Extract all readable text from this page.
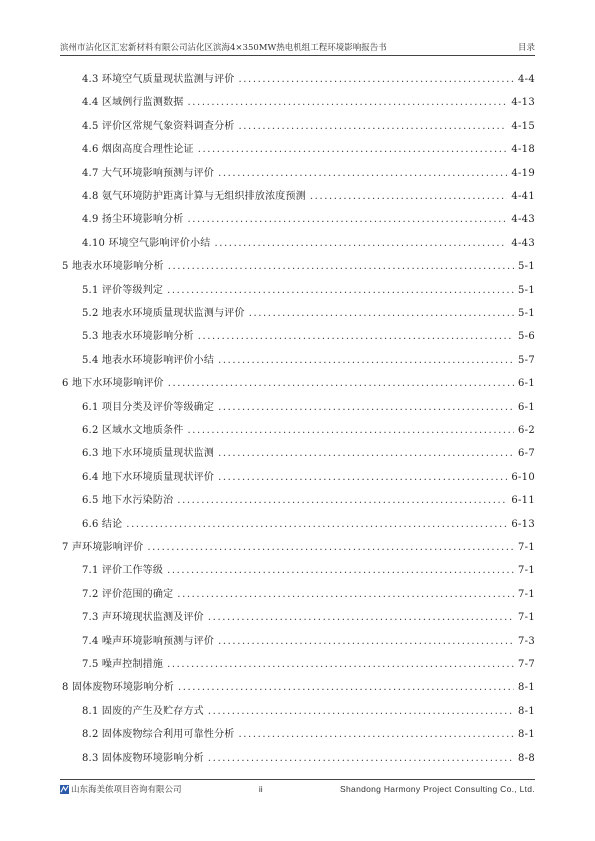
滨州市沾化区汇宏新材料有限公司沾化区滨海4×350MW热电机组工程环境影响报告书	目录
4.3 环境空气质量现状监测与评价 .....	4-4
4.4 区域例行监测数据 .....	4-13
4.5 评价区常规气象资料调查分析 .....	4-15
4.6 烟囱高度合理性论证 .....	4-18
4.7 大气环境影响预测与评价 .....	4-19
4.8 氨气环境防护距离计算与无组织排放浓度预测 .....	4-41
4.9 扬尘环境影响分析 .....	4-43
4.10 环境空气影响评价小结 .....	4-43
5 地表水环境影响分析 .....	5-1
5.1 评价等级判定 .....	5-1
5.2 地表水环境质量现状监测与评价 .....	5-1
5.3 地表水环境影响分析 .....	5-6
5.4 地表水环境影响评价小结 .....	5-7
6 地下水环境影响评价 .....	6-1
6.1 项目分类及评价等级确定 .....	6-1
6.2 区域水文地质条件 .....	6-2
6.3 地下水环境质量现状监测 .....	6-7
6.4 地下水环境质量现状评价 .....	6-10
6.5 地下水污染防治 .....	6-11
6.6 结论 .....	6-13
7 声环境影响评价 .....	7-1
7.1 评价工作等级 .....	7-1
7.2 评价范围的确定 .....	7-1
7.3 声环境现状监测及评价 .....	7-1
7.4 噪声环境影响预测与评价 .....	7-3
7.5 噪声控制措施 .....	7-7
8 固体废物环境影响分析 .....	8-1
8.1 固废的产生及贮存方式 .....	8-1
8.2 固体废物综合利用可靠性分析 .....	8-1
8.3 固体废物环境影响分析 .....	8-8
山东海美侬项目咨询有限公司	ii	Shandong Harmony Project Consulting Co., Ltd.
